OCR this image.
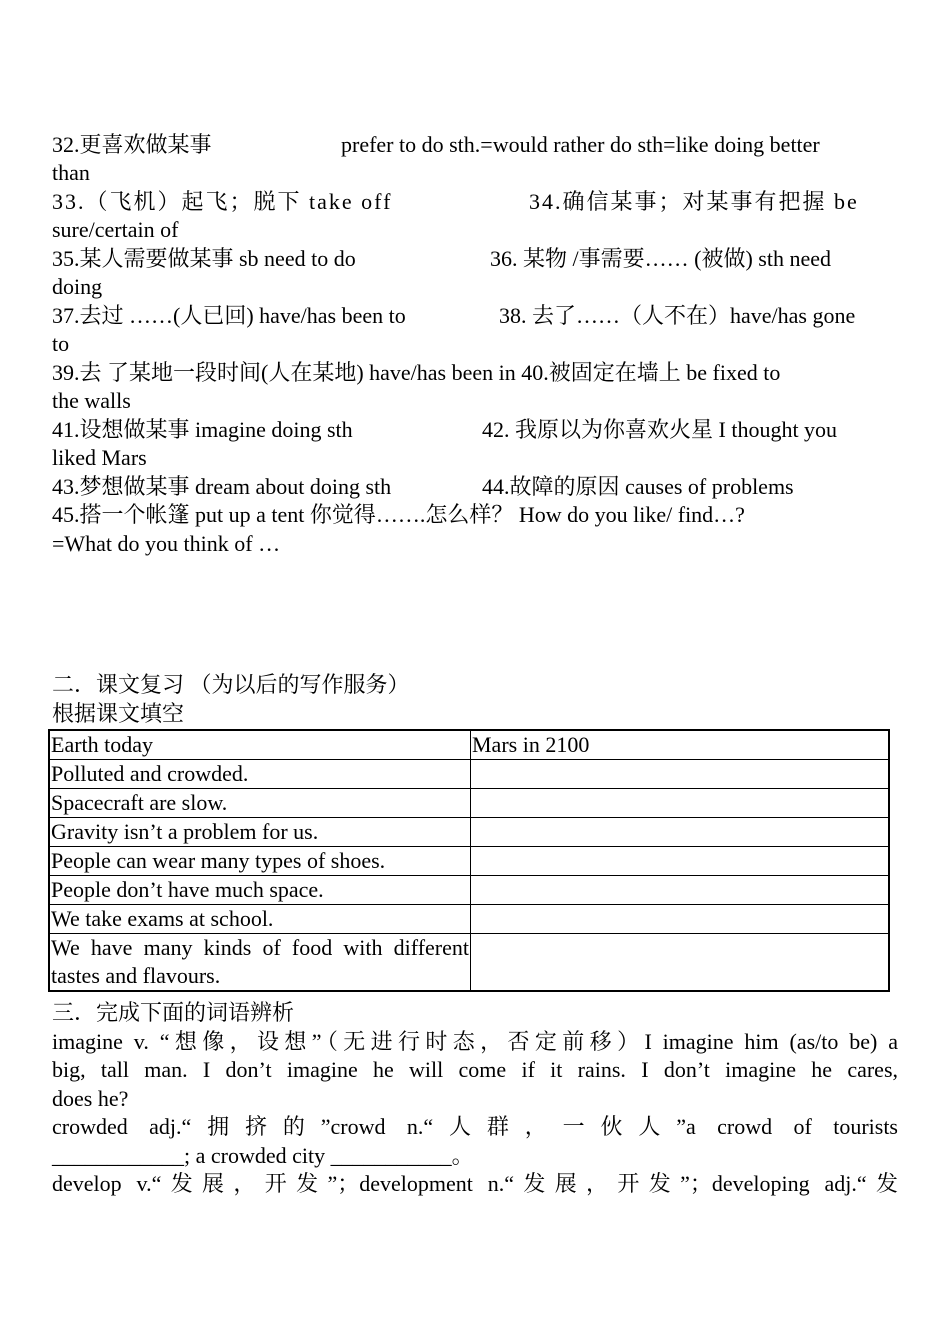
32.更喜欢做某事	prefer to do sth.=would rather do sth=like doing better
than
33.（飞机）起飞；脱下 take off	34.确信某事；对某事有把握 be
sure/certain of
35.某人需要做某事 sb need to do	36. 某物 /事需要…… (被做) sth need
doing
37.去过 ……(人已回) have/has been to	38. 去了……（人不在）have/has gone
to
39.去 了某地一段时间(人在某地) have/has been in 40.被固定在墙上 be fixed to
the walls
41.设想做某事 imagine doing sth	42. 我原以为你喜欢火星 I thought you
liked Mars
43.梦想做某事 dream about doing sth	44.故障的原因 causes of problems
45.搭一个帐篷 put up a tent 你觉得…….怎么样？ How do you like/ find…?
=What do you think of …
二．课文复习 （为以后的写作服务）
根据课文填空
Earth today	Mars in 2100
Polluted and crowded.	
Spacecraft are slow.	
Gravity isn’t a problem for us.	
People can wear many types of shoes.	
People don’t have much space.	
We take exams at school.	
We have many kinds of food with different tastes and flavours.	
三．完成下面的词语辨析
imagine v. “想像，设想”（无进行时态，否定前移）I imagine him (as/to be) a
big, tall man. I don’t imagine he will come if it rains. I don’t imagine he cares,
does he?
crowded adj.“拥挤的”crowd n.“人群，一伙人”a crowd of tourists
____________; a crowded city ___________。
develop v.“发展，开发”；development n.“发展，开发”；developing adj.“发
